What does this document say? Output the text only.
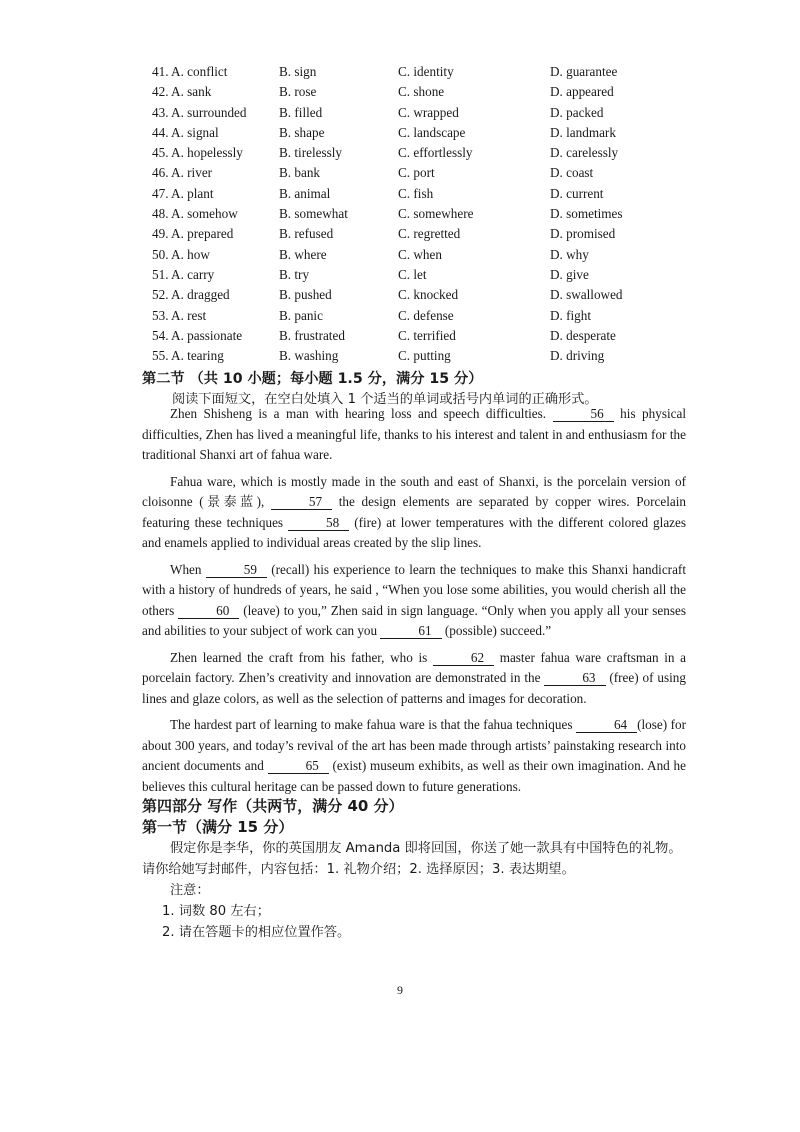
41. A. conflict	B. sign	C. identity	D. guarantee
42. A. sank	B. rose	C. shone	D. appeared
43. A. surrounded B. filled	C. wrapped	D. packed
44. A. signal	B. shape	C. landscape	D. landmark
45. A. hopelessly	B. tirelessly	C. effortlessly	D. carelessly
46. A. river	B. bank	C. port	D. coast
47. A. plant	B. animal	C. fish	D. current
48. A. somehow	B. somewhat	C. somewhere	D. sometimes
49. A. prepared	B. refused	C. regretted	D. promised
50. A. how	B. where	C. when	D. why
51. A. carry	B. try	C. let	D. give
52. A. dragged	B. pushed	C. knocked	D. swallowed
53. A. rest	B. panic	C. defense	D. fight
54. A. passionate	B. frustrated	C. terrified	D. desperate
55. A. tearing	B. washing	C. putting	D. driving
第二节 （共 10 小题；每小题 1.5 分，满分 15 分）
阅读下面短文，在空白处填入 1 个适当的单词或括号内单词的正确形式。

Zhen Shisheng is a man with hearing loss and speech difficulties.	56 his physical difficulties, Zhen has lived a meaningful life, thanks to his interest and talent in and enthusiasm for the traditional Shanxi art of fahua ware.

Fahua ware, which is mostly made in the south and east of Shanxi, is the porcelain version of cloisonne (景泰蓝),	57 the design elements are separated by copper wires. Porcelain featuring these techniques	58 (fire) at lower temperatures with the different colored glazes and enamels applied to individual areas created by the slip lines.

When	59 (recall) his experience to learn the techniques to make this Shanxi handicraft with a history of hundreds of years, he said , “When you lose some abilities, you would cherish all the others	60 (leave) to you,” Zhen said in sign language. “Only when you apply all your senses and abilities to your subject of work can you	61 (possible) succeed.”

Zhen learned the craft from his father, who is	62 master fahua ware craftsman in a porcelain factory. Zhen’s creativity and innovation are demonstrated in the	63 (free) of using lines and glaze colors, as well as the selection of patterns and images for decoration.

The hardest part of learning to make fahua ware is that the fahua techniques	64 (lose) for about 300 years, and today’s revival of the art has been made through artists’ painstaking research into ancient documents and	65 (exist) museum exhibits, as well as their own imagination. And he believes this cultural heritage can be passed down to future generations.

第四部分 写作（共两节，满分 40 分）
第一节（满分 15 分）
假定你是李华，你的英国朋友 Amanda 即将回国，你送了她一款具有中国特色的礼物。
请你给她写封邮件，内容包括：1. 礼物介绍；2. 选择原因；3. 表达期望。
注意：
1. 词数 80 左右；
2. 请在答题卡的相应位置作答。
9
